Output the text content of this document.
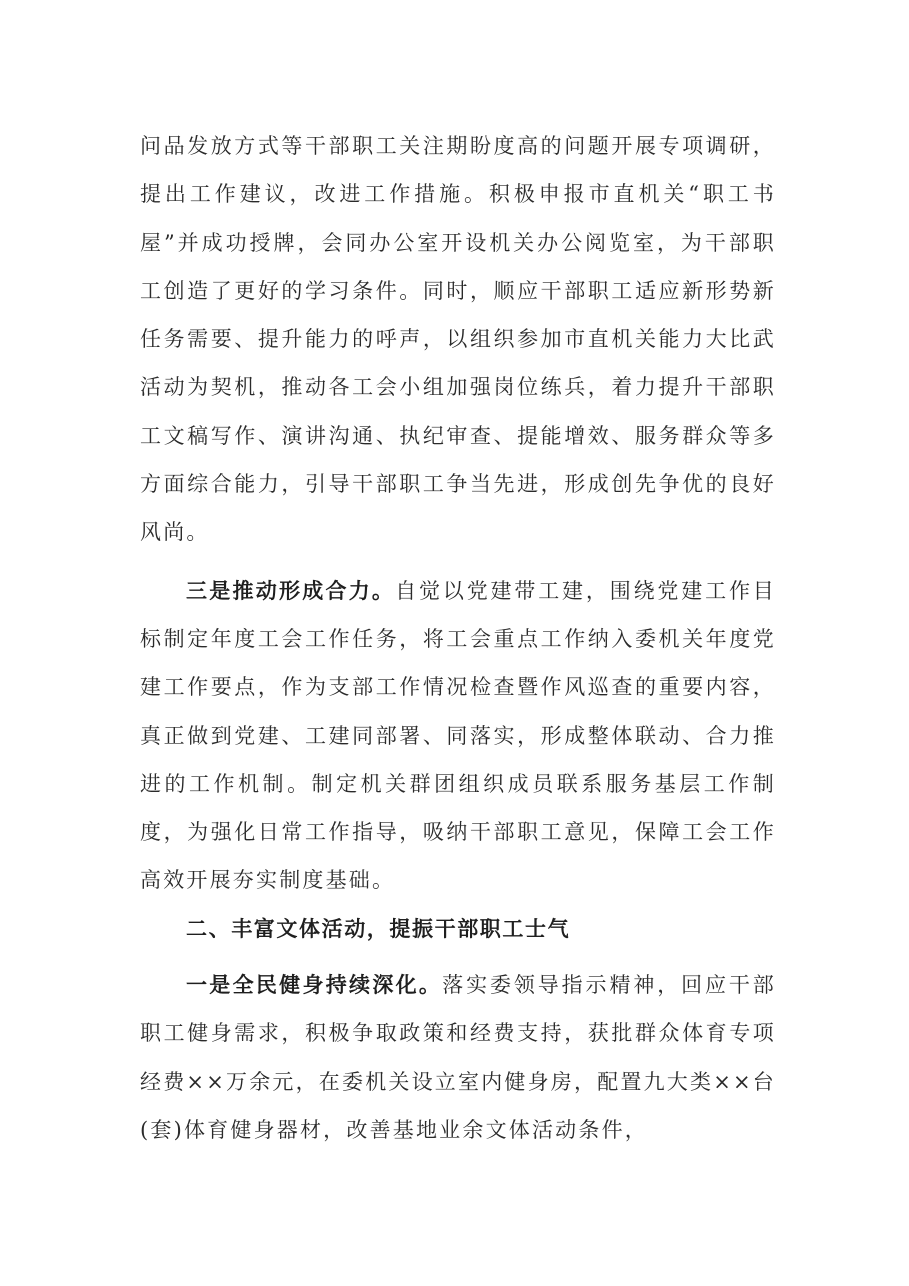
问品发放方式等干部职工关注期盼度高的问题开展专项调研，提出工作建议，改进工作措施。积极申报市直机关“职工书屋”并成功授牌，会同办公室开设机关办公阅览室，为干部职工创造了更好的学习条件。同时，顺应干部职工适应新形势新任务需要、提升能力的呼声，以组织参加市直机关能力大比武活动为契机，推动各工会小组加强岗位练兵，着力提升干部职工文稿写作、演讲沟通、执纪审查、提能增效、服务群众等多方面综合能力，引导干部职工争当先进，形成创先争优的良好风尚。

三是推动形成合力。自觉以党建带工建，围绕党建工作目标制定年度工会工作任务，将工会重点工作纳入委机关年度党建工作要点，作为支部工作情况检查暨作风巡查的重要内容，真正做到党建、工建同部署、同落实，形成整体联动、合力推进的工作机制。制定机关群团组织成员联系服务基层工作制度，为强化日常工作指导，吸纳干部职工意见，保障工会工作高效开展夯实制度基础。

二、丰富文体活动，提振干部职工士气

一是全民健身持续深化。落实委领导指示精神，回应干部职工健身需求，积极争取政策和经费支持，获批群众体育专项经费××万余元，在委机关设立室内健身房，配置九大类××台(套)体育健身器材，改善基地业余文体活动条件，
